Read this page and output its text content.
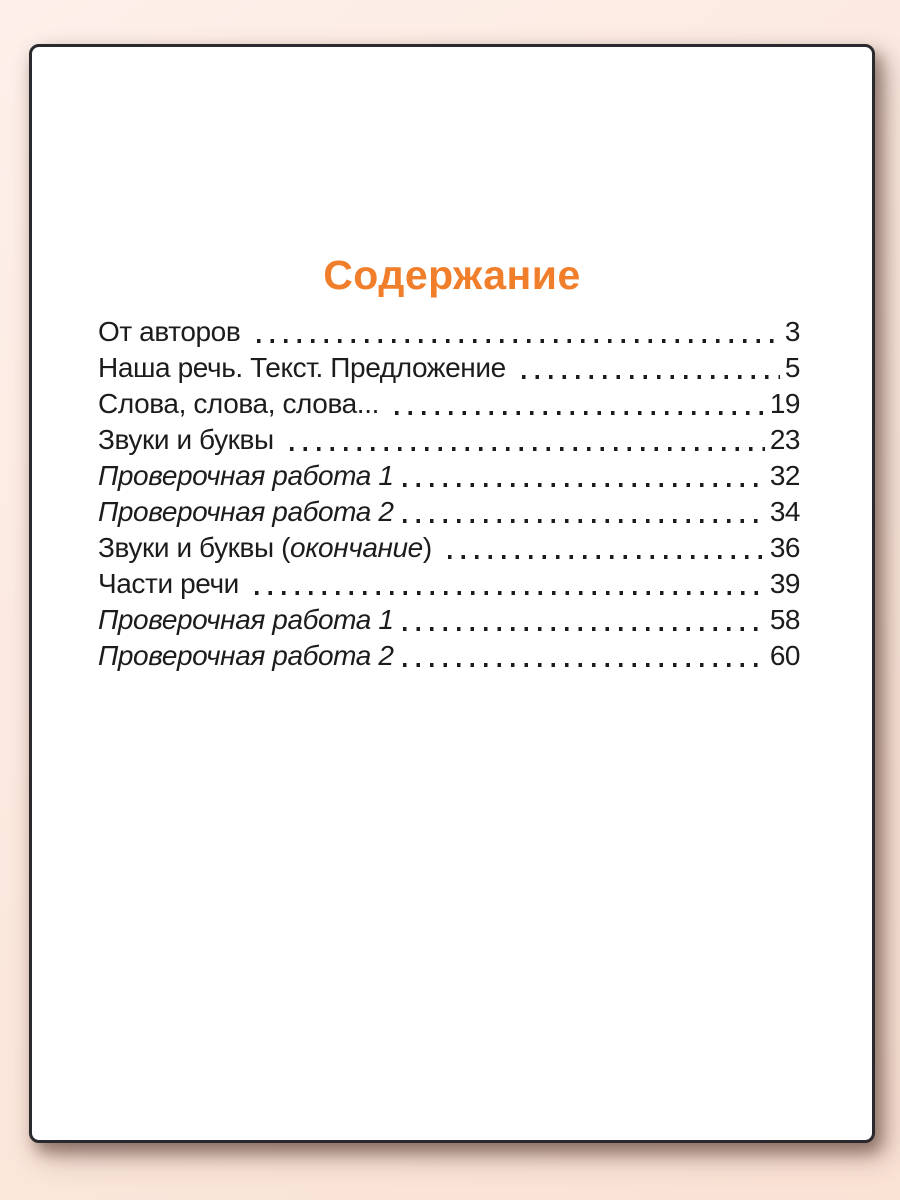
Содержание
От авторов	3
Наша речь. Текст. Предложение	5
Слова, слова, слова...	19
Звуки и буквы	23
Проверочная работа 1	32
Проверочная работа 2	34
Звуки и буквы (окончание)	36
Части речи	39
Проверочная работа 1	58
Проверочная работа 2	60
